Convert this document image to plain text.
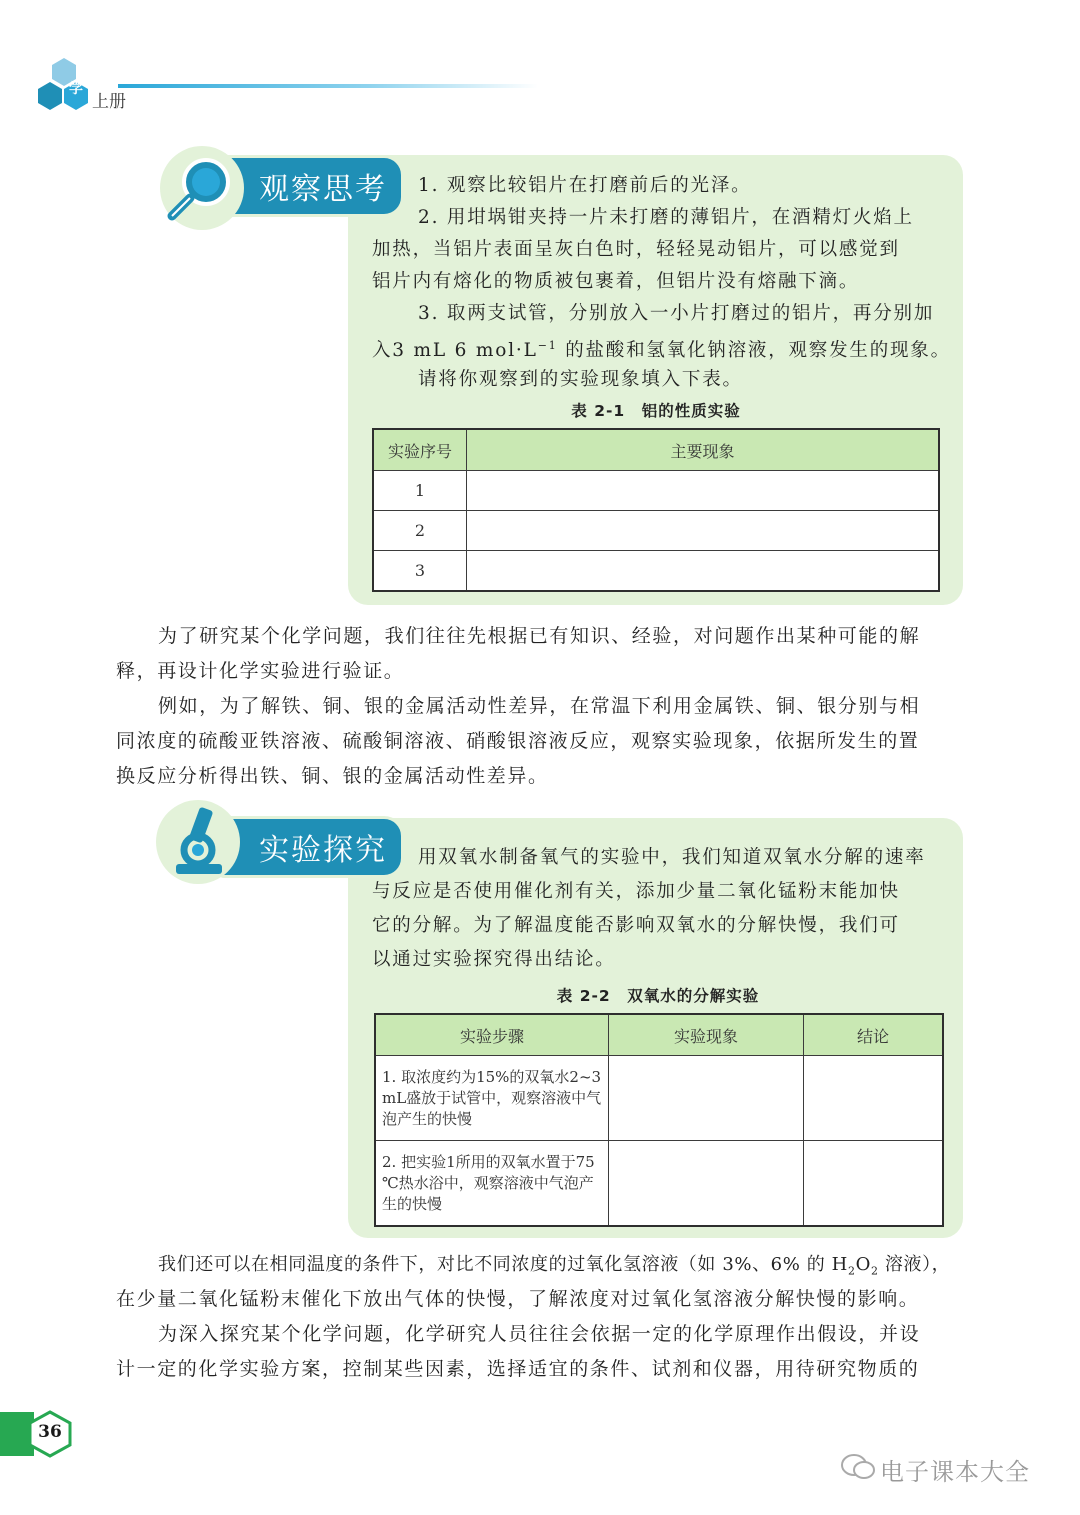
化	学
上册
观察思考 1. 观察比较铝片在打磨前后的光泽。
2. 用坩埚钳夹持一片未打磨的薄铝片，在酒精灯火焰上
加热，当铝片表面呈灰白色时，轻轻晃动铝片，可以感觉到
铝片内有熔化的物质被包裹着，但铝片没有熔融下滴。
3. 取两支试管，分别放入一小片打磨过的铝片，再分别加
入3 mL 6 $mol\cdot L^{-1}$ 的盐酸和氢氧化钠溶液，观察发生的现象。
请将你观察到的实验现象填入下表。
表 2-1　铝的性质实验
实验序号	主要现象
1	
2	
3	
为了研究某个化学问题，我们往往先根据已有知识、经验，对问题作出某种可能的解
释，再设计化学实验进行验证。
例如，为了解铁、铜、银的金属活动性差异，在常温下利用金属铁、铜、银分别与相
同浓度的硫酸亚铁溶液、硫酸铜溶液、硝酸银溶液反应，观察实验现象，依据所发生的置
换反应分析得出铁、铜、银的金属活动性差异。
实验探究 用双氧水制备氧气的实验中，我们知道双氧水分解的速率
与反应是否使用催化剂有关，添加少量二氧化锰粉末能加快
它的分解。为了解温度能否影响双氧水的分解快慢，我们可
以通过实验探究得出结论。
表 2-2　双氧水的分解实验
实验步骤	实验现象	结论
1. 取浓度约为15%的双氧水2~3 mL盛放于试管中，观察溶液中气泡产生的快慢		
2. 把实验1所用的双氧水置于75 ℃热水浴中，观察溶液中气泡产生的快慢		
我们还可以在相同温度的条件下，对比不同浓度的过氧化氢溶液（如 3%、6% 的 $H_2O_2$ 溶液），
在少量二氧化锰粉末催化下放出气体的快慢，了解浓度对过氧化氢溶液分解快慢的影响。
为深入探究某个化学问题，化学研究人员往往会依据一定的化学原理作出假设，并设
计一定的化学实验方案，控制某些因素，选择适宜的条件、试剂和仪器，用待研究物质的
36
电子课本大全
